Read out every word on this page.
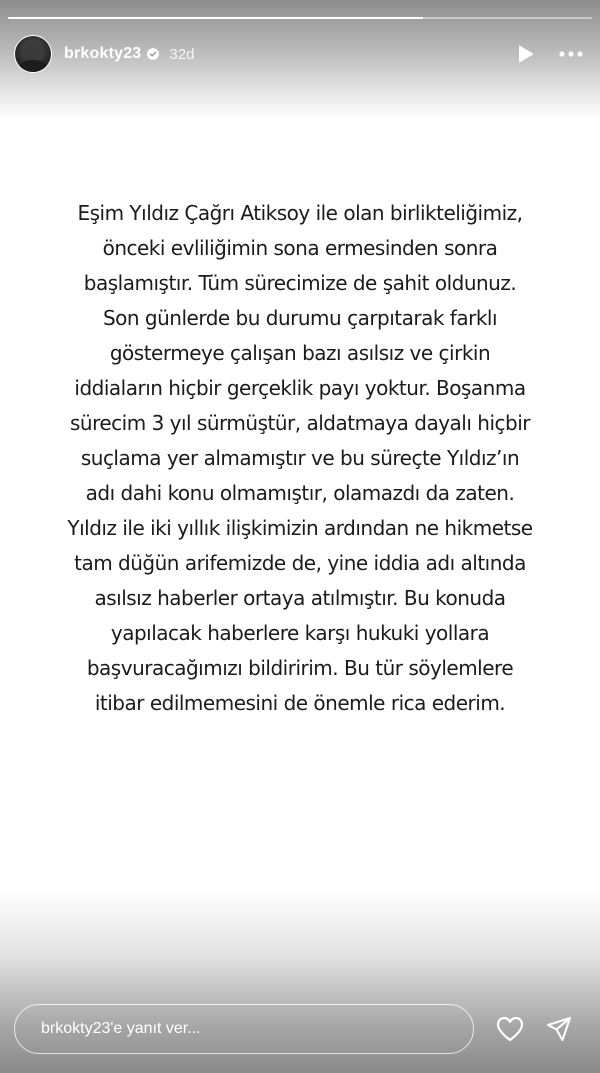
brkokty23 32d

Eşim Yıldız Çağrı Atiksoy ile olan birlikteliğimiz,
önceki evliliğimin sona ermesinden sonra
başlamıştır. Tüm sürecimize de şahit oldunuz.
Son günlerde bu durumu çarpıtarak farklı
göstermeye çalışan bazı asılsız ve çirkin
iddiaların hiçbir gerçeklik payı yoktur. Boşanma
sürecim 3 yıl sürmüştür, aldatmaya dayalı hiçbir
suçlama yer almamıştır ve bu süreçte Yıldız’ın
adı dahi konu olmamıştır, olamazdı da zaten.
Yıldız ile iki yıllık ilişkimizin ardından ne hikmetse
tam düğün arifemizde de, yine iddia adı altında
asılsız haberler ortaya atılmıştır. Bu konuda
yapılacak haberlere karşı hukuki yollara
başvuracağımızı bildiririm. Bu tür söylemlere
itibar edilmemesini de önemle rica ederim.

brkokty23'e yanıt ver...
